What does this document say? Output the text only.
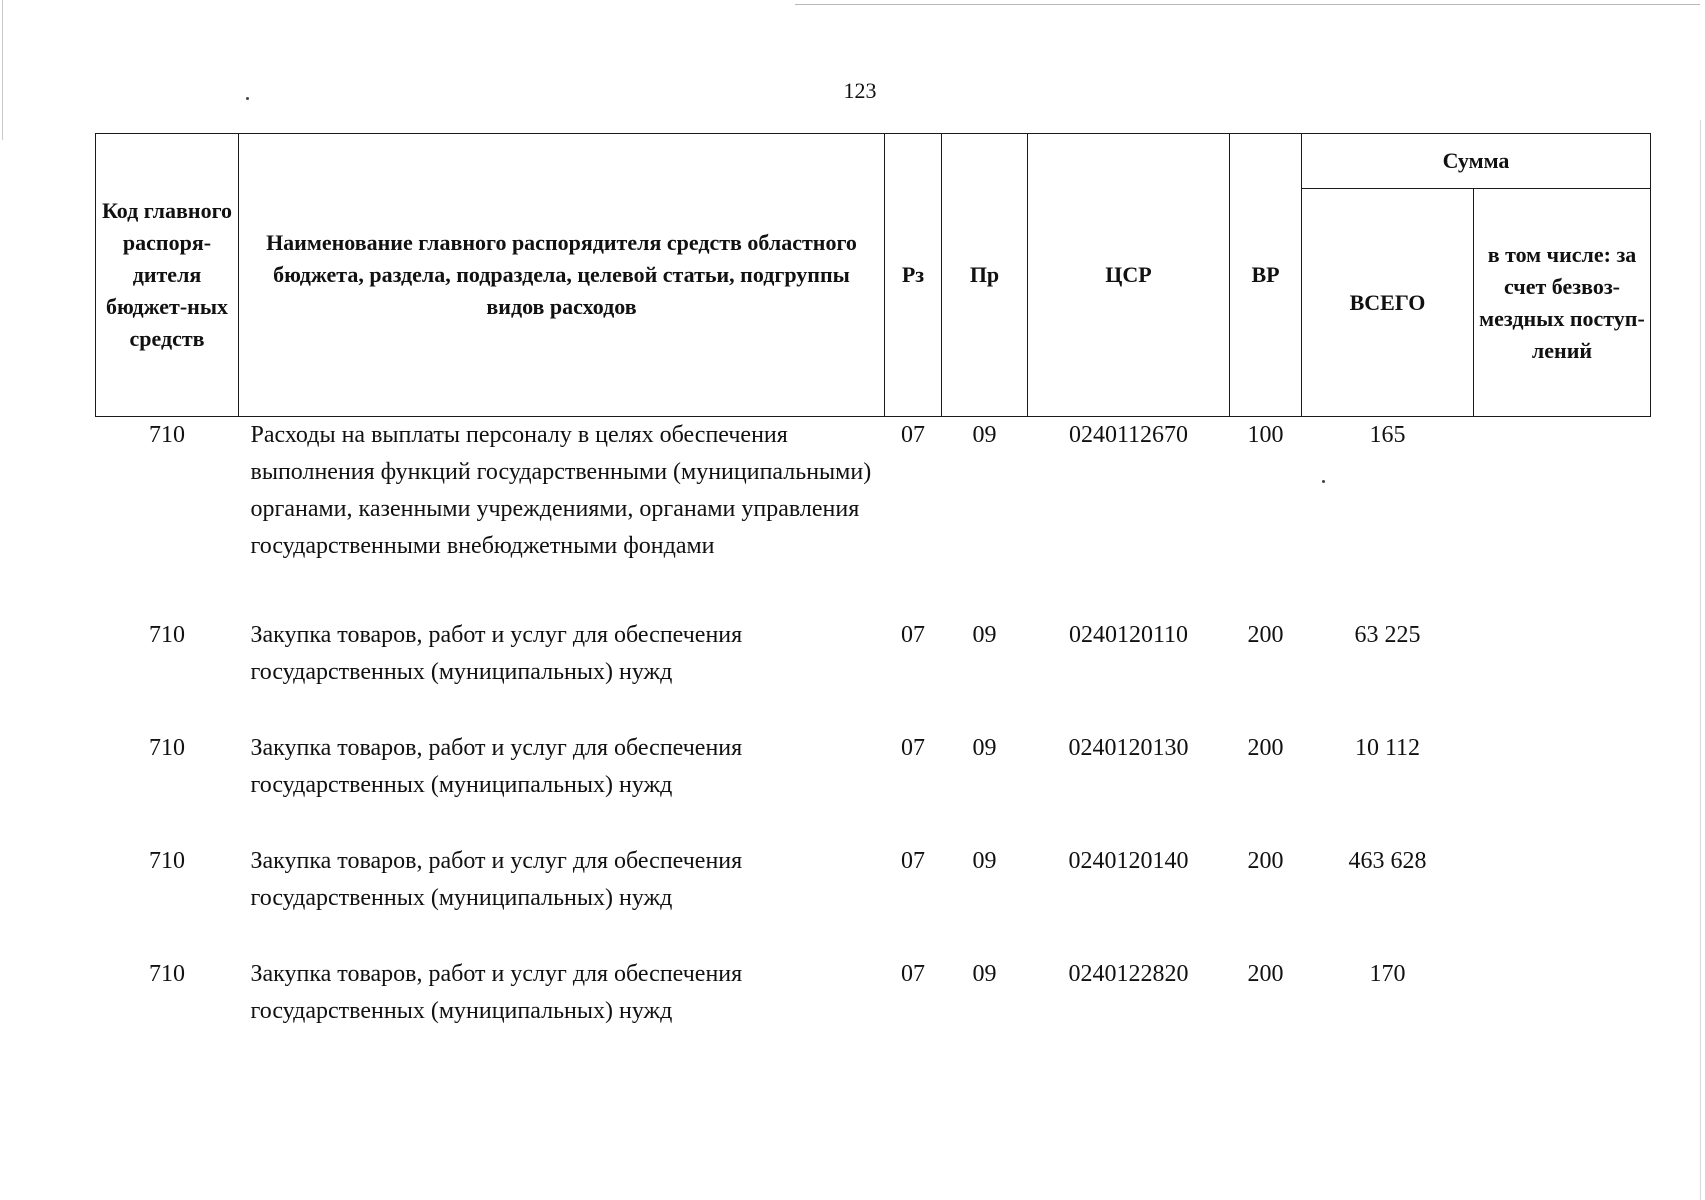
123
Код главного распоря-дителя бюджет-ных средств	Наименование главного распорядителя средств областного бюджета, раздела, подраздела, целевой статьи, подгруппы видов расходов	Рз	Пр	ЦСР	ВР	Сумма	
						ВСЕГО	в том числе: за счет безвоз-мездных поступ-лений
710	Расходы на выплаты персоналу в целях обеспечения выполнения функций государственными (муниципальными) органами, казенными учреждениями, органами управления государственными внебюджетными фондами	07	09	0240112670	100	165	
710	Закупка товаров, работ и услуг для обеспечения государственных (муниципальных) нужд	07	09	0240120110	200	63 225	
710	Закупка товаров, работ и услуг для обеспечения государственных (муниципальных) нужд	07	09	0240120130	200	10 112	
710	Закупка товаров, работ и услуг для обеспечения государственных (муниципальных) нужд	07	09	0240120140	200	463 628	
710	Закупка товаров, работ и услуг для обеспечения государственных (муниципальных) нужд	07	09	0240122820	200	170	
